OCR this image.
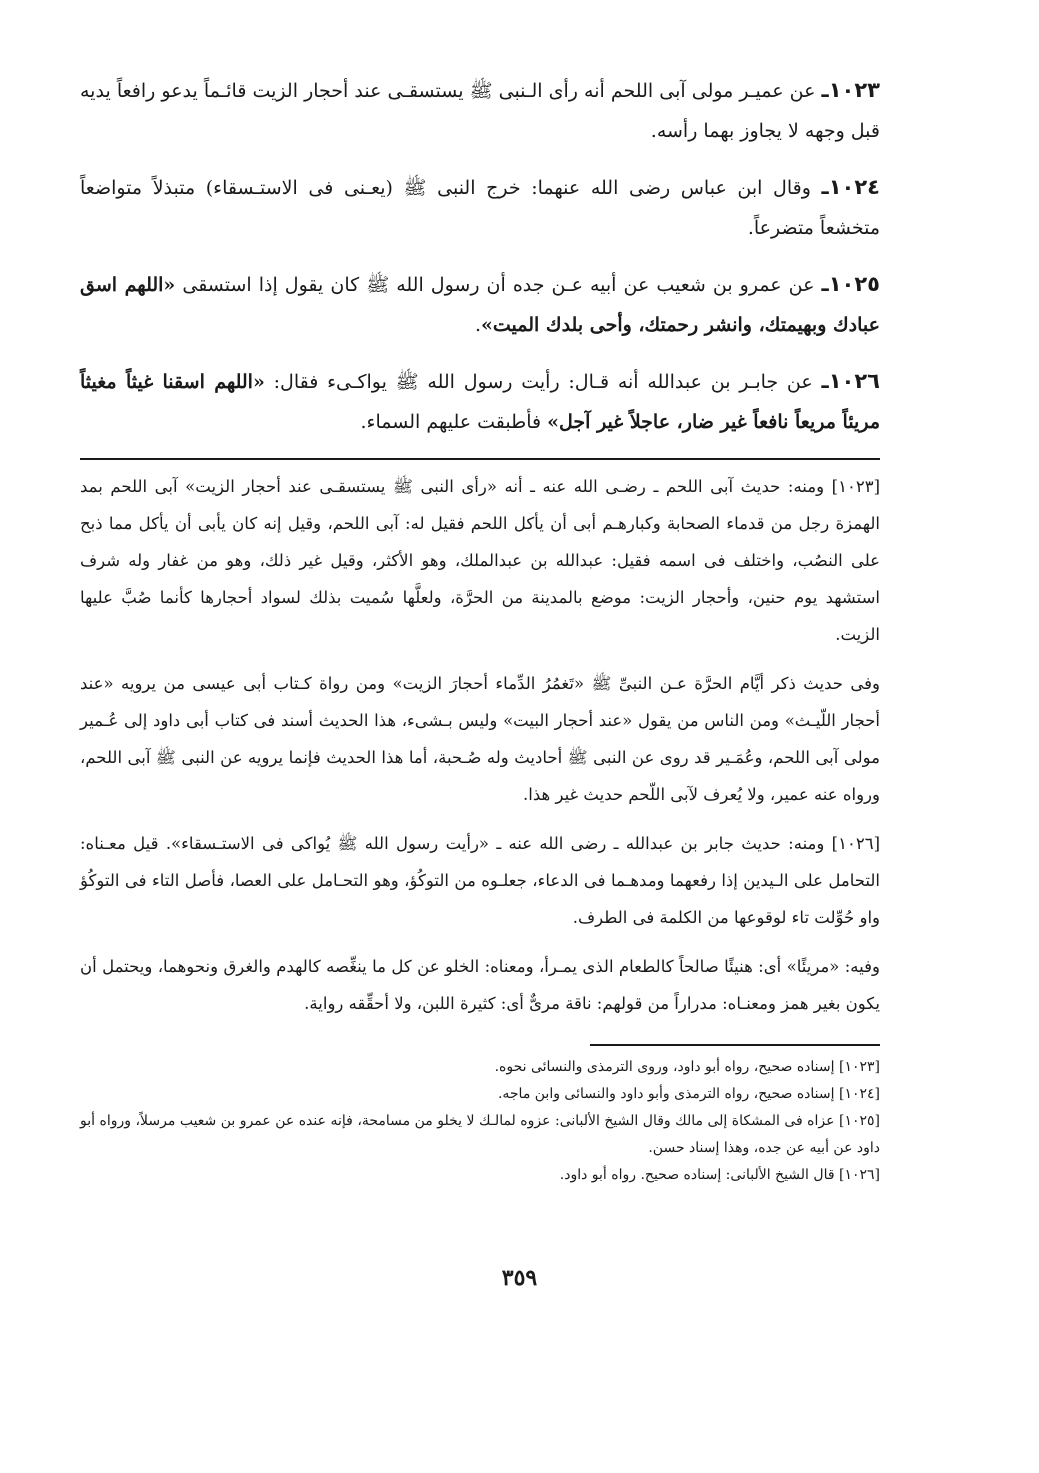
١٠٢٣ـ عن عميـر مولى آبى اللحم أنه رأى الـنبى ﷺ يستسقـى عند أحجار الزيت قائـماً يدعو رافعاً يديه قبل وجهه لا يجاوز بهما رأسه.

١٠٢٤ـ وقال ابن عباس رضى الله عنهما: خرج النبى ﷺ (يعـنى فى الاستـسقاء) متبذلاً متواضعاً متخشعاً متضرعاً.

١٠٢٥ـ عن عمرو بن شعيب عن أبيه عـن جده أن رسول الله ﷺ كان يقول إذا استسقى «اللهم اسق عبادك وبهيمتك، وانشر رحمتك، وأحى بلدك الميت».

١٠٢٦ـ عن جابـر بن عبدالله أنه قـال: رأيت رسول الله ﷺ يواكـىء فقال: «اللهم اسقنا غيثاً مغيثاً مريئاً مريعاً نافعاً غير ضار، عاجلاً غير آجل» فأطبقت عليهم السماء.

[١٠٢٣] ومنه: حديث آبى اللحم ـ رضـى الله عنه ـ أنه «رأى النبى ﷺ يستسقـى عند أحجار الزيت» آبى اللحم بمد الهمزة رجل من قدماء الصحابة وكبارهـم أبى أن يأكل اللحم فقيل له: آبى اللحم، وقيل إنه كان يأبى أن يأكل مما ذبح على النصُب، واختلف فى اسمه فقيل: عبدالله بن عبدالملك، وهو الأكثر، وقيل غير ذلك، وهو من غفار وله شرف استشهد يوم حنين، وأحجار الزيت: موضع بالمدينة من الحرَّة، ولعلَّها سُميت بذلك لسواد أحجارها كأنما صُبَّ عليها الزيت.

وفى حديث ذكر أيَّام الحرَّة عـن النبىِّ ﷺ «تَغمُرُ الدِّماء أحجارَ الزيت» ومن رواة كـتاب أبى عيسى من يرويه «عند أحجار اللّيـث» ومن الناس من يقول «عند أحجار البيت» وليس بـشىء، هذا الحديث أسند فى كتاب أبى داود إلى عُـمير مولى آبى اللحم، وعُمَـير قد روى عن النبى ﷺ أحاديث وله صُـحبة، أما هذا الحديث فإنما يرويه عن النبى ﷺ آبى اللحم، ورواه عنه عمير، ولا يُعرف لآبى اللّحم حديث غير هذا.

[١٠٢٦] ومنه: حديث جابر بن عبدالله ـ رضى الله عنه ـ «رأيت رسول الله ﷺ يُواكى فى الاستـسقاء». قيل معـناه: التحامل على الـيدين إذا رفعهما ومدهـما فى الدعاء، جعلـوه من التوكُؤ، وهو التحـامل على العصا، فأصل التاء فى التوكُؤ واو حُوِّلت تاء لوقوعها من الكلمة فى الطرف.

وفيه: «مريئًا» أى: هنيئًا صالحاً كالطعام الذى يمـرأ، ومعناه: الخلو عن كل ما ينغِّصه كالهدم والغرق ونحوهما، ويحتمل أن يكون بغير همز ومعنـاه: مدراراً من قولهم: ناقة مرىٌّ أى: كثيرة اللبن، ولا أحقِّقه رواية.

[١٠٢٣] إسناده صحيح، رواه أبو داود، وروى الترمذى والنسائى نحوه.

[١٠٢٤] إسناده صحيح، رواه الترمذى وأبو داود والنسائى وابن ماجه.

[١٠٢٥] عزاه فى المشكاة إلى مالك وقال الشيخ الألبانى: عزوه لمالـك لا يخلو من مسامحة، فإنه عنده عن عمرو بن شعيب مرسلاً، ورواه أبو داود عن أبيه عن جده، وهذا إسناد حسن.

[١٠٢٦] قال الشيخ الألبانى: إسناده صحيح. رواه أبو داود.

٣٥٩
